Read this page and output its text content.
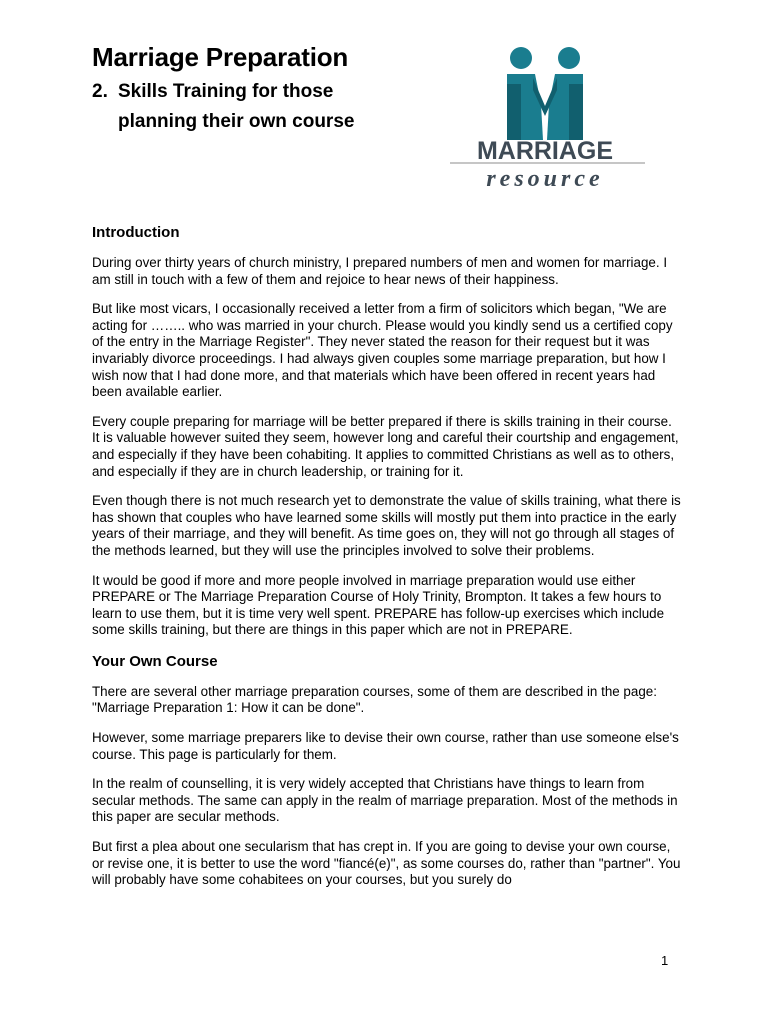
Marriage Preparation
2. Skills Training for those
planning their own course
MARRIAGE
resource
Introduction

During over thirty years of church ministry, I prepared numbers of men and women for marriage. I am still in touch with a few of them and rejoice to hear news of their happiness.

But like most vicars, I occasionally received a letter from a firm of solicitors which began, "We are acting for …….. who was married in your church. Please would you kindly send us a certified copy of the entry in the Marriage Register". They never stated the reason for their request but it was invariably divorce proceedings. I had always given couples some marriage preparation, but how I wish now that I had done more, and that materials which have been offered in recent years had been available earlier.

Every couple preparing for marriage will be better prepared if there is skills training in their course. It is valuable however suited they seem, however long and careful their courtship and engagement, and especially if they have been cohabiting. It applies to committed Christians as well as to others, and especially if they are in church leadership, or training for it.

Even though there is not much research yet to demonstrate the value of skills training, what there is has shown that couples who have learned some skills will mostly put them into practice in the early years of their marriage, and they will benefit. As time goes on, they will not go through all stages of the methods learned, but they will use the principles involved to solve their problems.

It would be good if more and more people involved in marriage preparation would use either PREPARE or The Marriage Preparation Course of Holy Trinity, Brompton. It takes a few hours to learn to use them, but it is time very well spent. PREPARE has follow-up exercises which include some skills training, but there are things in this paper which are not in PREPARE.

Your Own Course

There are several other marriage preparation courses, some of them are described in the page: "Marriage Preparation 1: How it can be done".

However, some marriage preparers like to devise their own course, rather than use someone else's course. This page is particularly for them.

In the realm of counselling, it is very widely accepted that Christians have things to learn from secular methods. The same can apply in the realm of marriage preparation. Most of the methods in this paper are secular methods.

But first a plea about one secularism that has crept in. If you are going to devise your own course, or revise one, it is better to use the word "fiancé(e)", as some courses do, rather than "partner". You will probably have some cohabitees on your courses, but you surely do

1
